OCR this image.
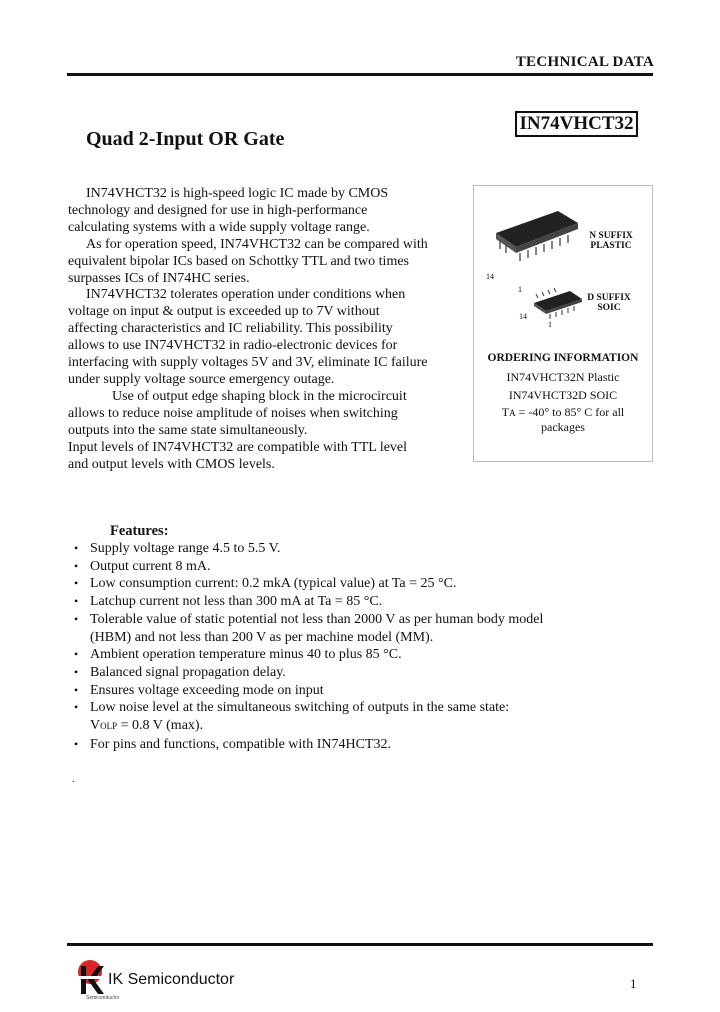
TECHNICAL DATA
IN74VHCT32
Quad 2-Input OR Gate

IN74VHCT32 is high-speed logic IC made by CMOS technology and designed for use in high-performance calculating systems with a wide supply voltage range.

As for operation speed, IN74VHCT32 can be compared with equivalent bipolar ICs based on Schottky TTL and two times surpasses ICs of IN74HC series.

IN74VHCT32 tolerates operation under conditions when voltage on input & output is exceeded up to 7V without affecting characteristics and IC reliability. This possibility allows to use IN74VHCT32 in radio-electronic devices for interfacing with supply voltages 5V and 3V, eliminate IC failure under supply voltage source emergency outage.

Use of output edge shaping block in the microcircuit allows to reduce noise amplitude of noises when switching outputs into the same state simultaneously.

Input levels of IN74VHCT32 are compatible with TTL level and output levels with CMOS levels.

14
1
14
1
N SUFFIX
PLASTIC
D SUFFIX
SOIC
ORDERING INFORMATION
IN74VHCT32N Plastic
IN74VHCT32D SOIC
TA = -40° to 85° C for all
packages
Features:
• Supply voltage range 4.5 to 5.5 V.
• Output current 8 mA.
• Low consumption current: 0.2 mkA (typical value) at Ta = 25 °C.
• Latchup current not less than 300 mA at Ta = 85 °C.
• Tolerable value of static potential not less than 2000 V as per human body model (HBM) and not less than 200 V as per machine model (MM).
• Ambient operation temperature minus 40 to plus 85 °C.
• Balanced signal propagation delay.
• Ensures voltage exceeding mode on input
• Low noise level at the simultaneous switching of outputs in the same state:
VOLP = 0.8 V (max).
• For pins and functions, compatible with IN74HCT32.
.
IK Semiconductor
Semiconductor
1
